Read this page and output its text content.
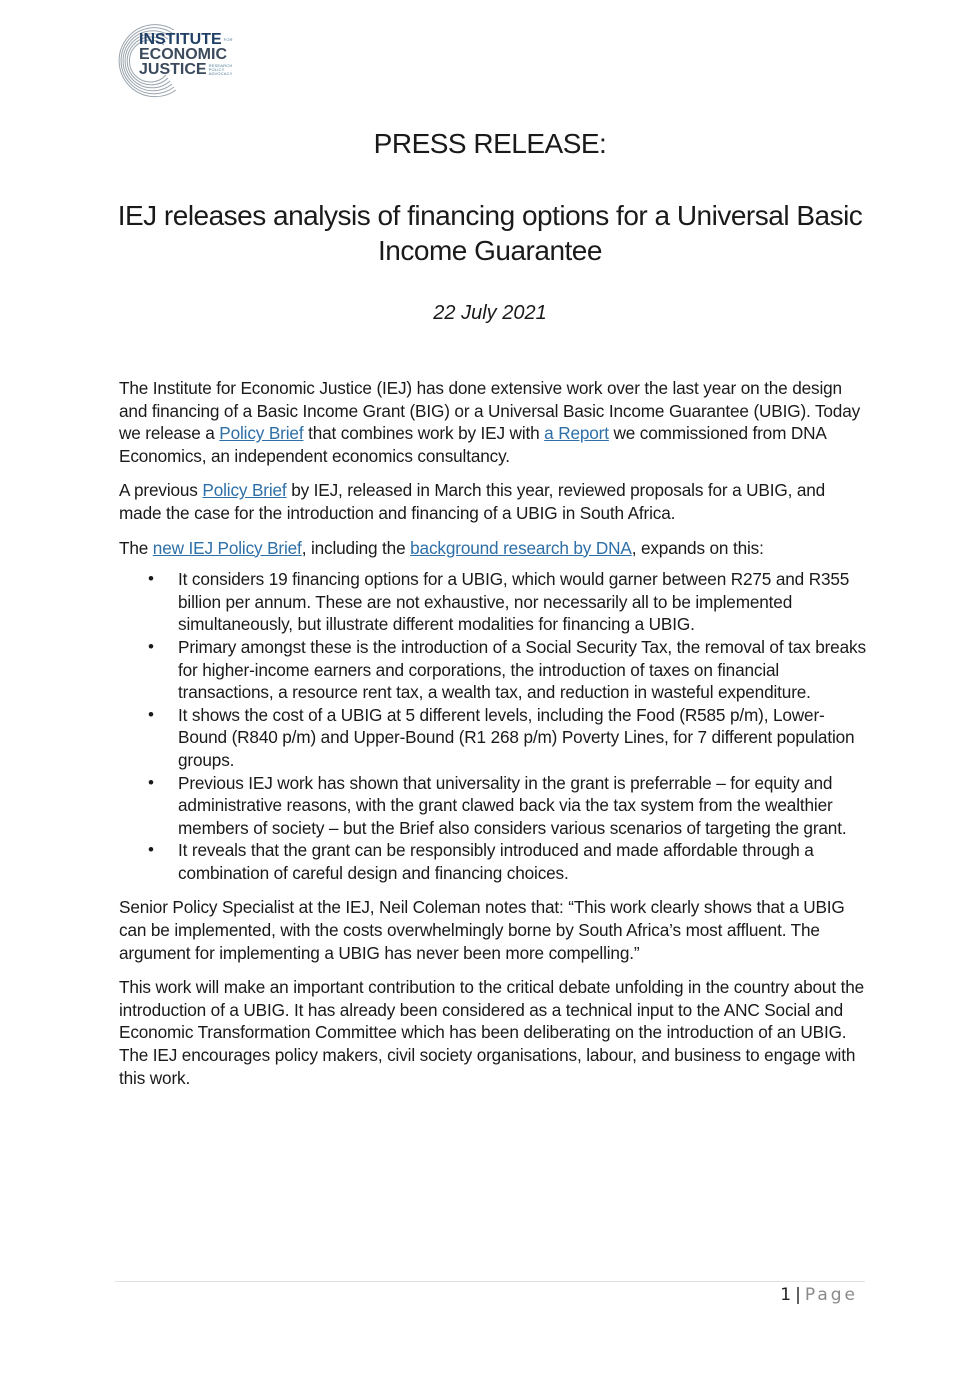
INSTITUTE FOR
ECONOMIC
JUSTICE RESEARCH
POLICY
ADVOCACY
PRESS RELEASE:
IEJ releases analysis of financing options for a Universal Basic Income Guarantee
22 July 2021

The Institute for Economic Justice (IEJ) has done extensive work over the last year on the design and financing of a Basic Income Grant (BIG) or a Universal Basic Income Guarantee (UBIG). Today we release a Policy Brief that combines work by IEJ with a Report we commissioned from DNA Economics, an independent economics consultancy.

A previous Policy Brief by IEJ, released in March this year, reviewed proposals for a UBIG, and made the case for the introduction and financing of a UBIG in South Africa.

The new IEJ Policy Brief, including the background research by DNA, expands on this:

• It considers 19 financing options for a UBIG, which would garner between R275 and R355 billion per annum. These are not exhaustive, nor necessarily all to be implemented simultaneously, but illustrate different modalities for financing a UBIG.
• Primary amongst these is the introduction of a Social Security Tax, the removal of tax breaks for higher-income earners and corporations, the introduction of taxes on financial transactions, a resource rent tax, a wealth tax, and reduction in wasteful expenditure.
• It shows the cost of a UBIG at 5 different levels, including the Food (R585 p/m), Lower-Bound (R840 p/m) and Upper-Bound (R1 268 p/m) Poverty Lines, for 7 different population groups.
• Previous IEJ work has shown that universality in the grant is preferrable – for equity and administrative reasons, with the grant clawed back via the tax system from the wealthier members of society – but the Brief also considers various scenarios of targeting the grant.
• It reveals that the grant can be responsibly introduced and made affordable through a combination of careful design and financing choices.

Senior Policy Specialist at the IEJ, Neil Coleman notes that: “This work clearly shows that a UBIG can be implemented, with the costs overwhelmingly borne by South Africa’s most affluent. The argument for implementing a UBIG has never been more compelling.”

This work will make an important contribution to the critical debate unfolding in the country about the introduction of a UBIG. It has already been considered as a technical input to the ANC Social and Economic Transformation Committee which has been deliberating on the introduction of an UBIG. The IEJ encourages policy makers, civil society organisations, labour, and business to engage with this work.

1 | Page
